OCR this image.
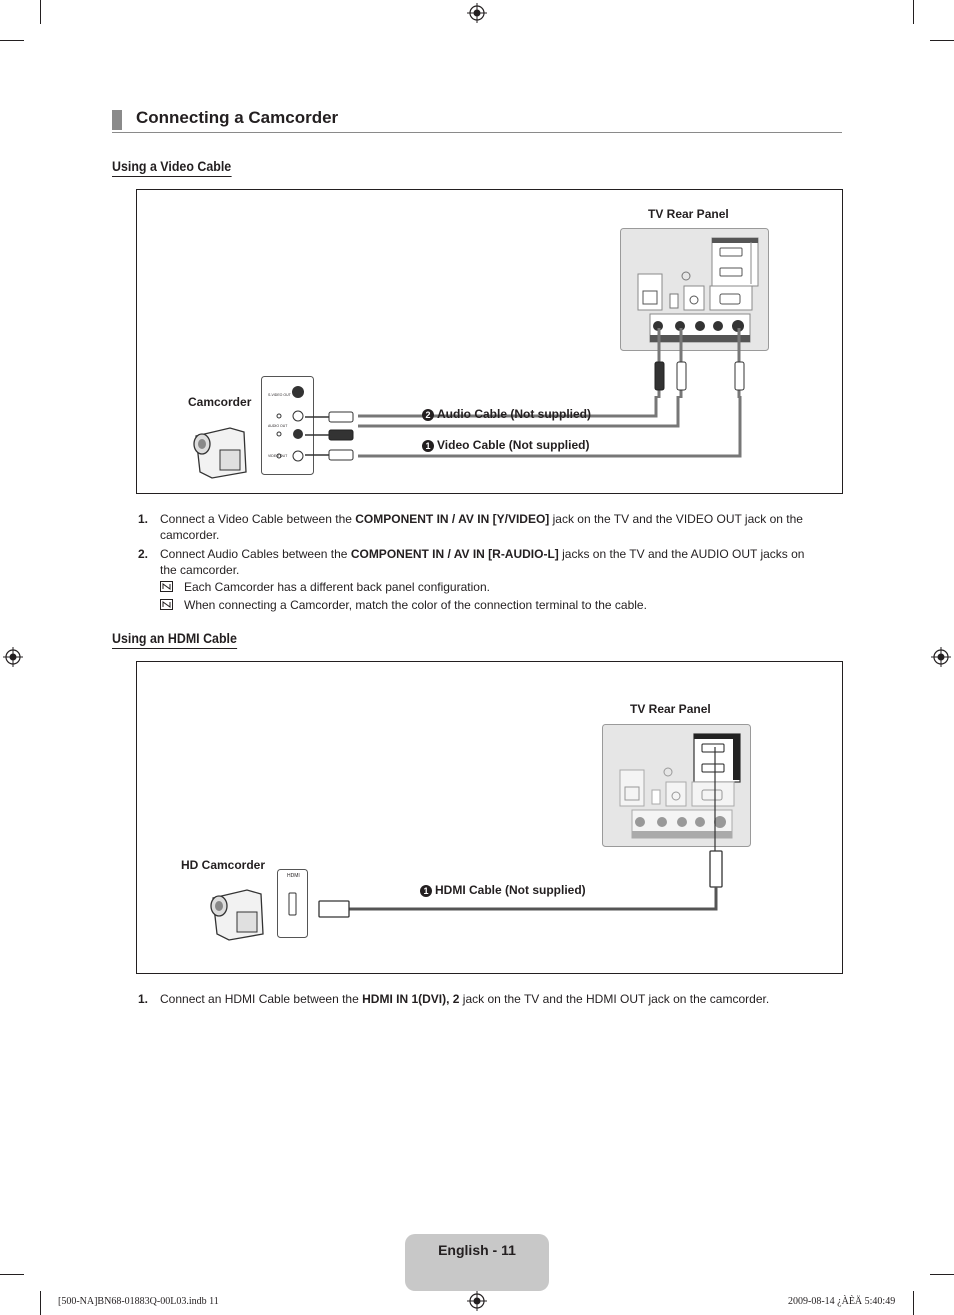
Connecting a Camcorder
Using a Video Cable
TV Rear Panel
Camcorder	S-VIDEO OUT
AUDIO OUT
VIDEO OUT
2 Audio Cable (Not supplied)
1 Video Cable (Not supplied)
1. Connect a Video Cable between the COMPONENT IN / AV IN [Y/VIDEO] jack on the TV and the VIDEO OUT jack on the camcorder.
2. Connect Audio Cables between the COMPONENT IN / AV IN [R-AUDIO-L] jacks on the TV and the AUDIO OUT jacks on the camcorder.
Each Camcorder has a different back panel configuration.
When connecting a Camcorder, match the color of the connection terminal to the cable.
Using an HDMI Cable
TV Rear Panel
HD Camcorder
HDMI
1 HDMI Cable (Not supplied)
1. Connect an HDMI Cable between the HDMI IN 1(DVI), 2 jack on the TV and the HDMI OUT jack on the camcorder.
English - 11
[500-NA]BN68-01883Q-00L03.indb 11	2009-08-14 ¿ÀÈÄ 5:40:49
